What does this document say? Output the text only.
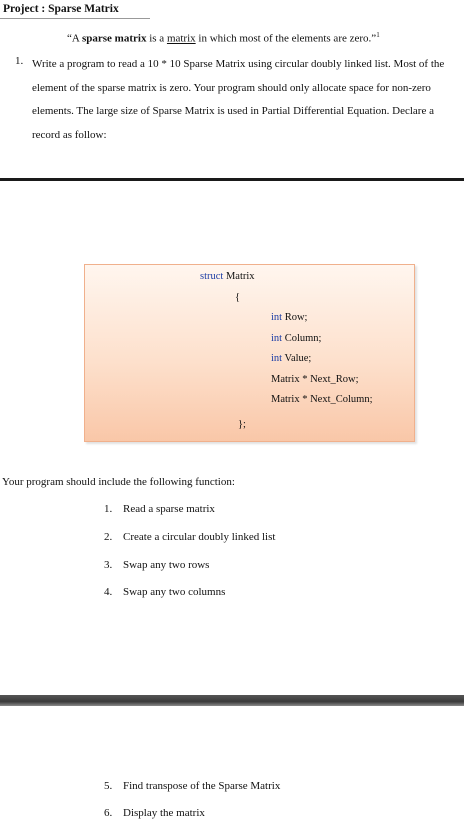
Project : Sparse Matrix
“A sparse matrix is a matrix in which most of the elements are zero.”$^1$
1. Write a program to read a 10 * 10 Sparse Matrix using circular doubly linked list. Most of the element of the sparse matrix is zero. Your program should only allocate space for non-zero elements. The large size of Sparse Matrix is used in Partial Differential Equation. Declare a record as follow:
struct Matrix
{
int Row;
int Column;
int Value;
Matrix * Next_Row;
Matrix * Next_Column;
};
Your program should include the following function:
1. Read a sparse matrix
2. Create a circular doubly linked list
3. Swap any two rows
4. Swap any two columns
5. Find transpose of the Sparse Matrix
6. Display the matrix
